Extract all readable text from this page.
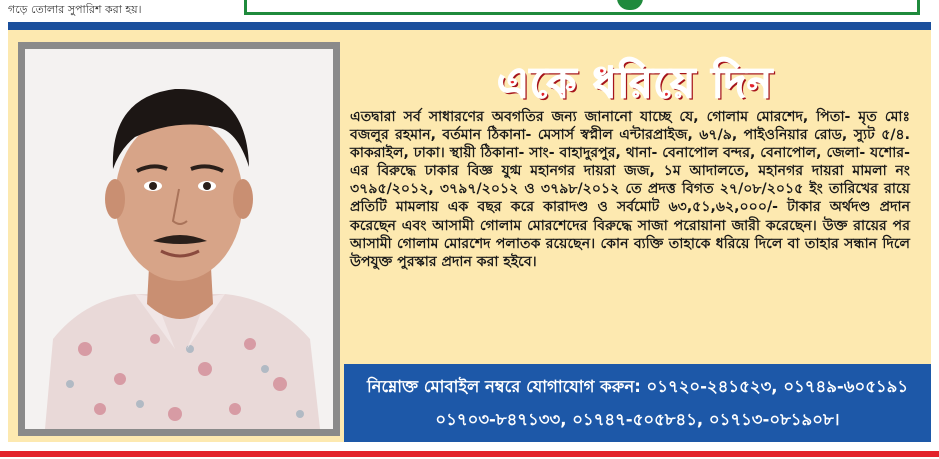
গড়ে তোলার সুপারিশ করা হয়।
একে ধরিয়ে দিন
এতদ্বারা সর্ব সাধারণের অবগতির জন্য জানানো যাচ্ছে যে, গোলাম মোরশেদ, পিতা- মৃত মোঃ বজলুর রহমান, বর্তমান ঠিকানা- মেসার্স স্বপ্নীল এন্টারপ্রাইজ, ৬৭/৯, পাইওনিয়ার রোড, স্যুট ৫/৪. কাকরাইল, ঢাকা। স্থায়ী ঠিকানা- সাং- বাহাদুরপুর, থানা- বেনাপোল বন্দর, বেনাপোল, জেলা- যশোর- এর বিরুদ্ধে ঢাকার বিজ্ঞ যুগ্ম মহানগর দায়রা জজ, ১ম আদালতে, মহানগর দায়রা মামলা নং ৩৭৯৫/২০১২, ৩৭৯৭/২০১২ ও ৩৭৯৮/২০১২ তে প্রদত্ত বিগত ২৭/০৮/২০১৫ ইং তারিখের রায়ে প্রতিটি মামলায় এক বছর করে কারাদণ্ড ও সর্বমোট ৬৩,৫১,৬২,০০০/- টাকার অর্থদণ্ড প্রদান করেছেন এবং আসামী গোলাম মোরশেদের বিরুদ্ধে সাজা পরোয়ানা জারী করেছেন। উক্ত রায়ের পর আসামী গোলাম মোরশেদ পলাতক রয়েছেন। কোন ব্যক্তি তাহাকে ধরিয়ে দিলে বা তাহার সন্ধান দিলে উপযুক্ত পুরস্কার প্রদান করা হইবে।
নিম্নোক্ত মোবাইল নম্বরে যোগাযোগ করুন: ০১৭২০-২৪১৫২৩, ০১৭৪৯-৬০৫১৯১
০১৭০৩-৮৪৭১৩৩, ০১৭৪৭-৫০৫৮৪১, ০১৭১৩-০৮১৯০৮।
